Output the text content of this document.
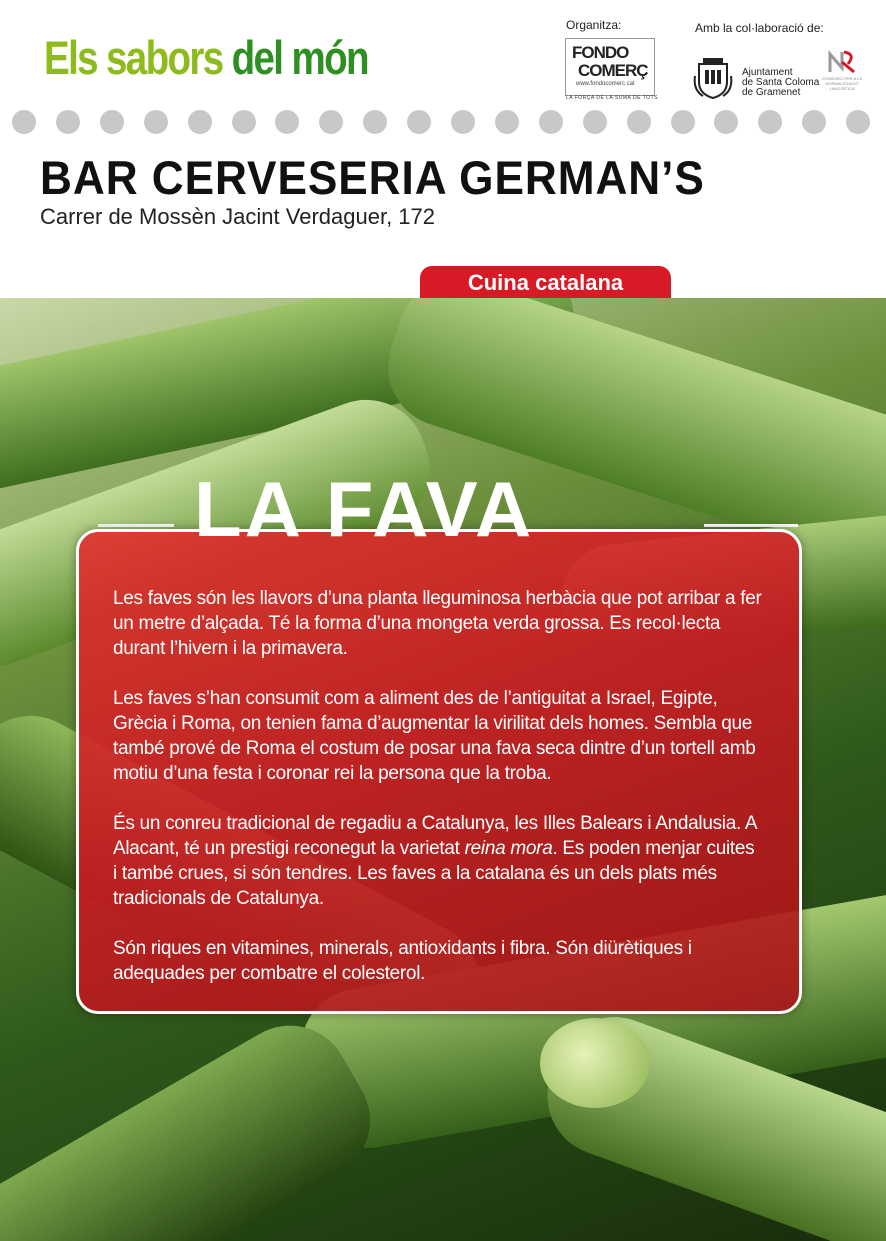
Els sabors del món
Organitza:	Amb la col·laboració de:
FONDO
COMERÇ
www.fondocomerc.cat
LA FORÇA DE LA SUMA DE TOTS
Ajuntament
de Santa Coloma
de Gramenet
CONSORCI PER A LA NORMALITZACIÓ LINGÜÍSTICA
BAR CERVESERIA GERMAN’S
Carrer de Mossèn Jacint Verdaguer, 172
Cuina catalana
LA FAVA

Les faves són les llavors d’una planta lleguminosa herbàcia que pot arribar a fer un metre d’alçada. Té la forma d’una mongeta verda grossa. Es recol·lecta durant l’hivern i la primavera.

Les faves s’han consumit com a aliment des de l’antiguitat a Israel, Egipte, Grècia i Roma, on tenien fama d’augmentar la virilitat dels homes. Sembla que també prové de Roma el costum de posar una fava seca dintre d’un tortell amb motiu d’una festa i coronar rei la persona que la troba.

És un conreu tradicional de regadiu a Catalunya, les Illes Balears i Andalusia. A Alacant, té un prestigi reconegut la varietat reina mora. Es poden menjar cuites i també crues, si són tendres. Les faves a la catalana és un dels plats més tradicionals de Catalunya.

Són riques en vitamines, minerals, antioxidants i fibra. Són diürètiques i adequades per combatre el colesterol.
